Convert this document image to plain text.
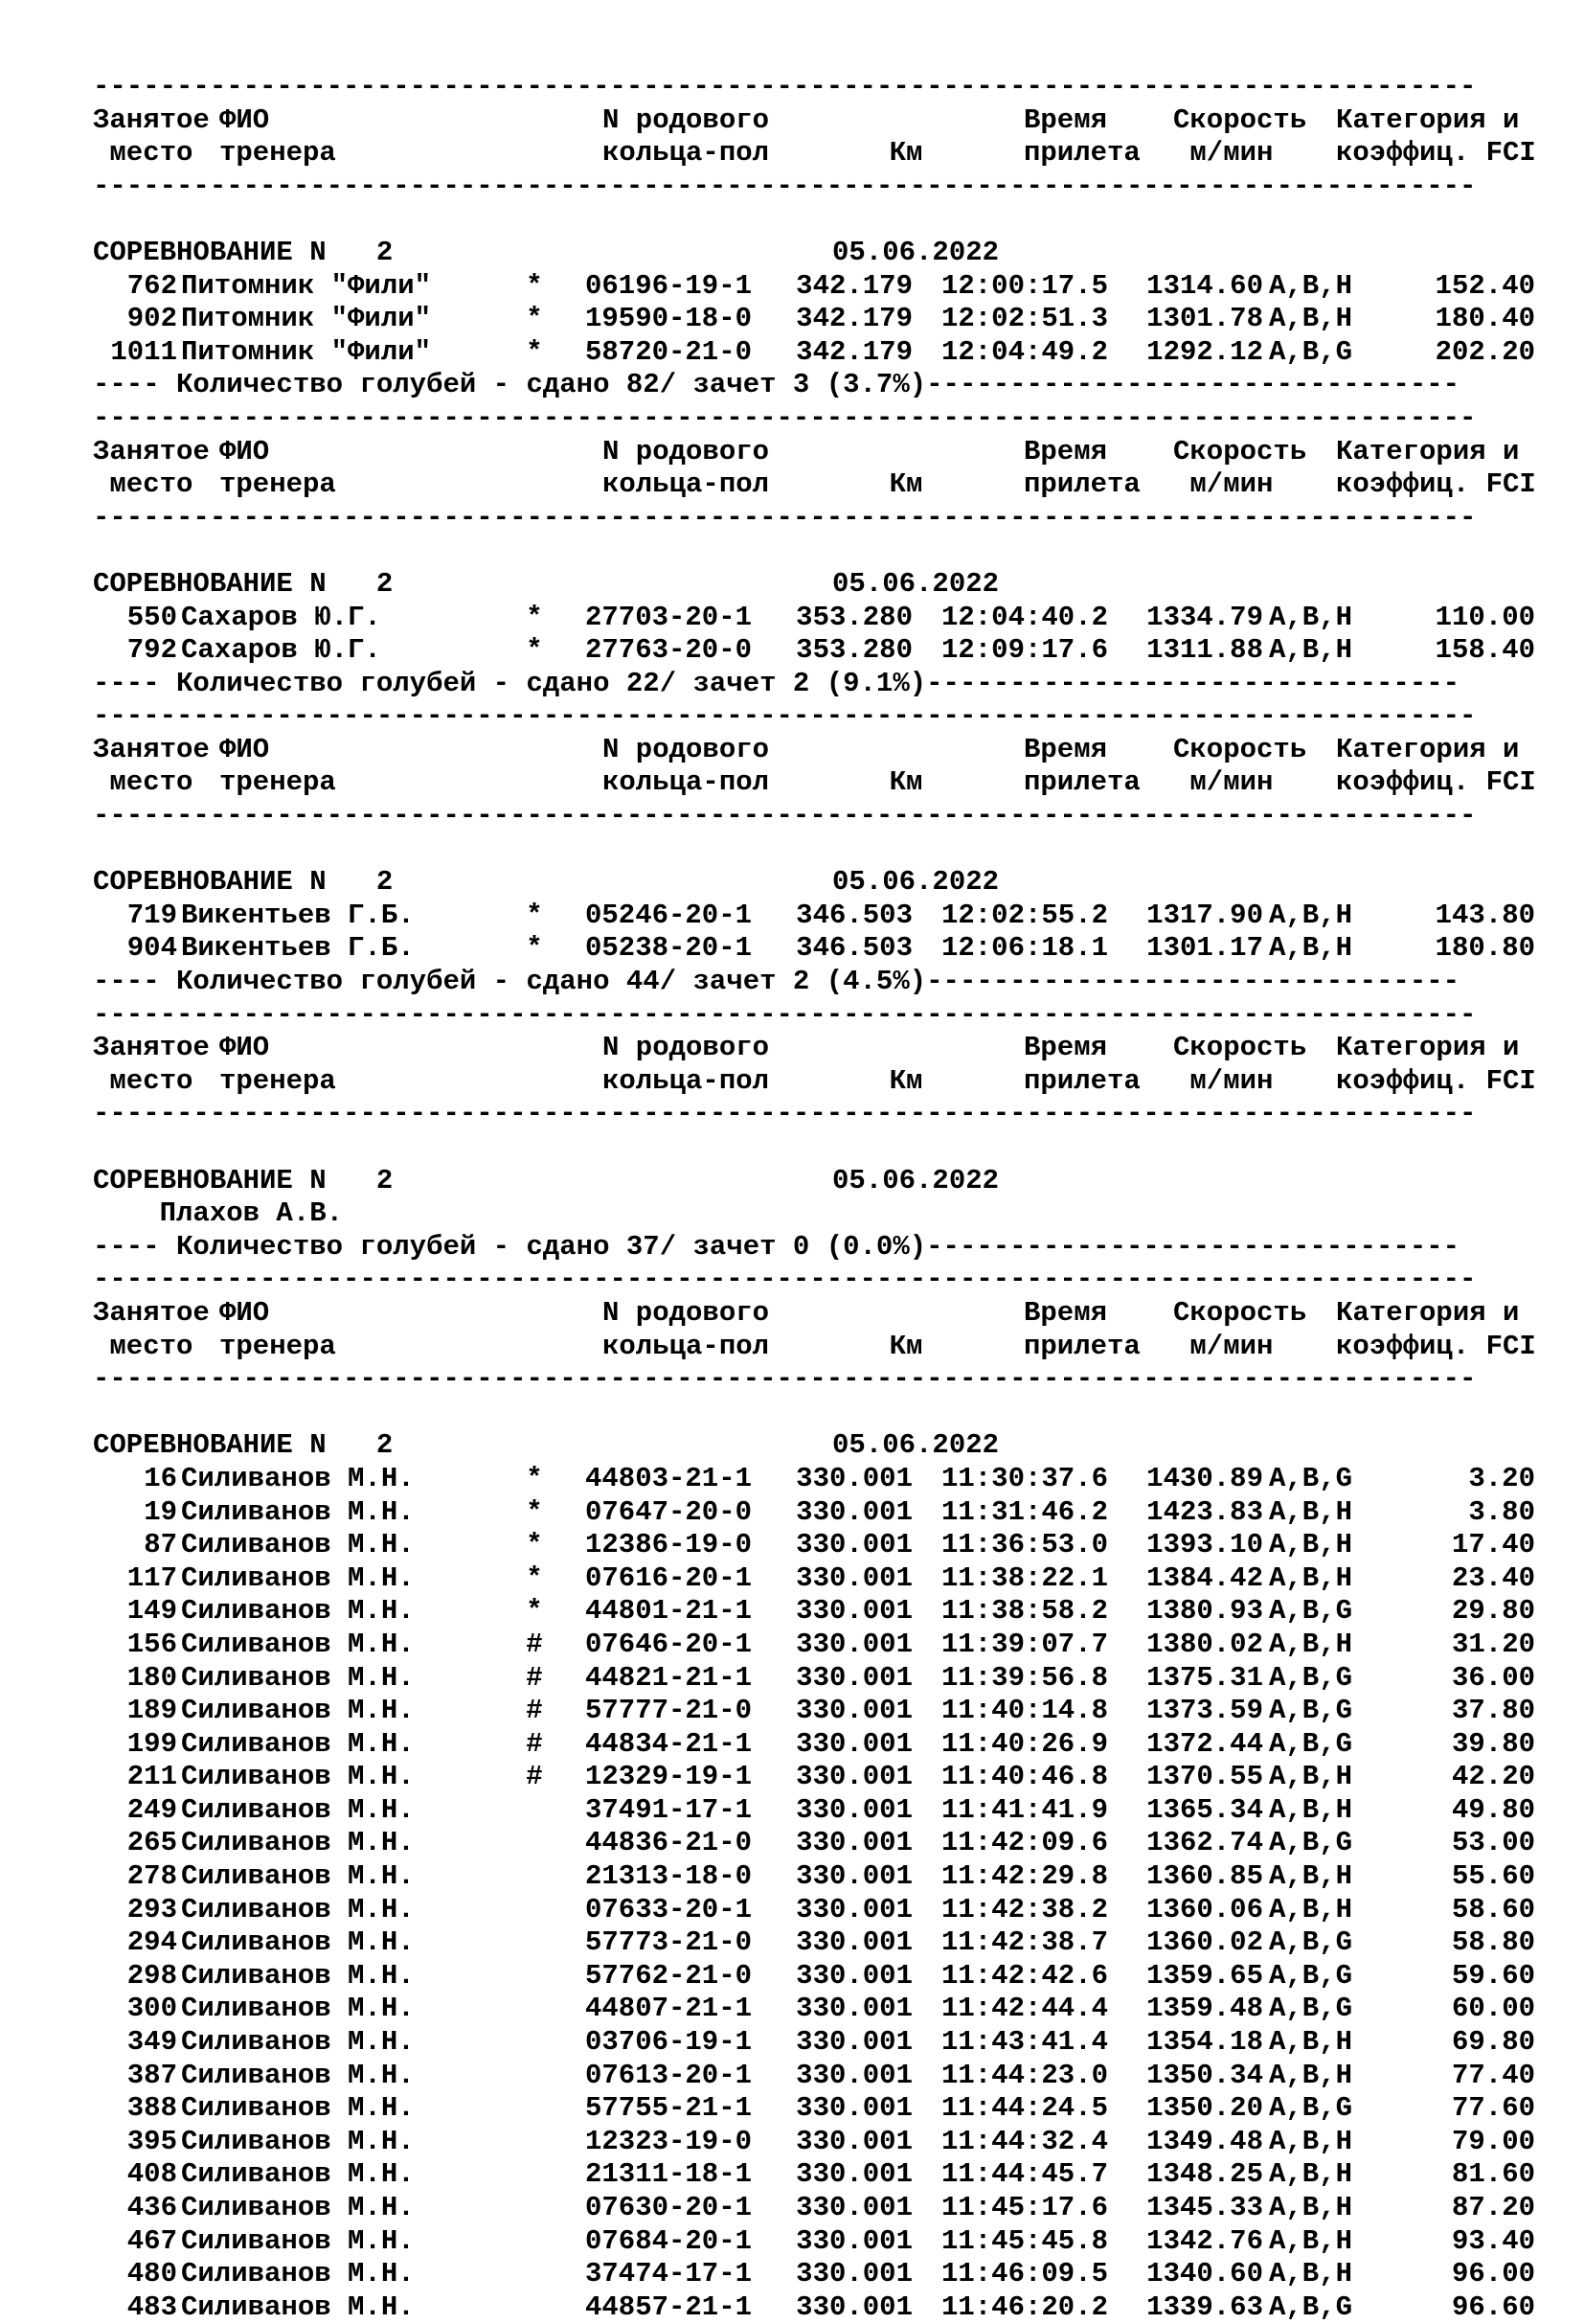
-----------------------------------------------------------------------------------
Занятое ФИО	N родового	Время Скорость Категория и
место тренера	кольца-пол    Км	прилета м/мин коэффиц. FCI
-----------------------------------------------------------------------------------
СОРЕВНОВАНИЕ N   2	05.06.2022
762 Питомник "Фили"	* 06196-19-1 342.179 12:00:17.5 1314.60 A,B,H	152.40
902 Питомник "Фили"	* 19590-18-0 342.179 12:02:51.3 1301.78 A,B,H	180.40
1011 Питомник "Фили"	* 58720-21-0 342.179 12:04:49.2 1292.12 A,B,G	202.20
---- Количество голубей - сдано 82/ зачет 3 (3.7%)--------------------------------
-----------------------------------------------------------------------------------
Занятое ФИО	N родового	Время Скорость Категория и
место тренера	кольца-пол    Км	прилета м/мин коэффиц. FCI
-----------------------------------------------------------------------------------
СОРЕВНОВАНИЕ N   2	05.06.2022
550 Сахаров Ю.Г.	* 27703-20-1 353.280 12:04:40.2 1334.79 A,B,H	110.00
792 Сахаров Ю.Г.	* 27763-20-0 353.280 12:09:17.6 1311.88 A,B,H	158.40
---- Количество голубей - сдано 22/ зачет 2 (9.1%)--------------------------------
-----------------------------------------------------------------------------------
Занятое ФИО	N родового	Время Скорость Категория и
место тренера	кольца-пол    Км	прилета м/мин коэффиц. FCI
-----------------------------------------------------------------------------------
СОРЕВНОВАНИЕ N   2	05.06.2022
719 Викентьев Г.Б.	* 05246-20-1 346.503 12:02:55.2 1317.90 A,B,H	143.80
904 Викентьев Г.Б.	* 05238-20-1 346.503 12:06:18.1 1301.17 A,B,H	180.80
---- Количество голубей - сдано 44/ зачет 2 (4.5%)--------------------------------
-----------------------------------------------------------------------------------
Занятое ФИО	N родового	Время Скорость Категория и
место тренера	кольца-пол    Км	прилета м/мин коэффиц. FCI
-----------------------------------------------------------------------------------
СОРЕВНОВАНИЕ N   2	05.06.2022
Плахов А.В.
---- Количество голубей - сдано 37/ зачет 0 (0.0%)--------------------------------
-----------------------------------------------------------------------------------
Занятое ФИО	N родового	Время Скорость Категория и
место тренера	кольца-пол    Км	прилета м/мин коэффиц. FCI
-----------------------------------------------------------------------------------
СОРЕВНОВАНИЕ N   2	05.06.2022
16 Силиванов М.Н.	* 44803-21-1 330.001 11:30:37.6 1430.89 A,B,G	3.20
19 Силиванов М.Н.	* 07647-20-0 330.001 11:31:46.2 1423.83 A,B,H	3.80
87 Силиванов М.Н.	* 12386-19-0 330.001 11:36:53.0 1393.10 A,B,H	17.40
117 Силиванов М.Н.	* 07616-20-1 330.001 11:38:22.1 1384.42 A,B,H	23.40
149 Силиванов М.Н.	* 44801-21-1 330.001 11:38:58.2 1380.93 A,B,G	29.80
156 Силиванов М.Н.	# 07646-20-1 330.001 11:39:07.7 1380.02 A,B,H	31.20
180 Силиванов М.Н.	# 44821-21-1 330.001 11:39:56.8 1375.31 A,B,G	36.00
189 Силиванов М.Н.	# 57777-21-0 330.001 11:40:14.8 1373.59 A,B,G	37.80
199 Силиванов М.Н.	# 44834-21-1 330.001 11:40:26.9 1372.44 A,B,G	39.80
211 Силиванов М.Н.	# 12329-19-1 330.001 11:40:46.8 1370.55 A,B,H	42.20
249 Силиванов М.Н.	37491-17-1 330.001 11:41:41.9 1365.34 A,B,H	49.80
265 Силиванов М.Н.	44836-21-0 330.001 11:42:09.6 1362.74 A,B,G	53.00
278 Силиванов М.Н.	21313-18-0 330.001 11:42:29.8 1360.85 A,B,H	55.60
293 Силиванов М.Н.	07633-20-1 330.001 11:42:38.2 1360.06 A,B,H	58.60
294 Силиванов М.Н.	57773-21-0 330.001 11:42:38.7 1360.02 A,B,G	58.80
298 Силиванов М.Н.	57762-21-0 330.001 11:42:42.6 1359.65 A,B,G	59.60
300 Силиванов М.Н.	44807-21-1 330.001 11:42:44.4 1359.48 A,B,G	60.00
349 Силиванов М.Н.	03706-19-1 330.001 11:43:41.4 1354.18 A,B,H	69.80
387 Силиванов М.Н.	07613-20-1 330.001 11:44:23.0 1350.34 A,B,H	77.40
388 Силиванов М.Н.	57755-21-1 330.001 11:44:24.5 1350.20 A,B,G	77.60
395 Силиванов М.Н.	12323-19-0 330.001 11:44:32.4 1349.48 A,B,H	79.00
408 Силиванов М.Н.	21311-18-1 330.001 11:44:45.7 1348.25 A,B,H	81.60
436 Силиванов М.Н.	07630-20-1 330.001 11:45:17.6 1345.33 A,B,H	87.20
467 Силиванов М.Н.	07684-20-1 330.001 11:45:45.8 1342.76 A,B,H	93.40
480 Силиванов М.Н.	37474-17-1 330.001 11:46:09.5 1340.60 A,B,H	96.00
483 Силиванов М.Н.	44857-21-1 330.001 11:46:20.2 1339.63 A,B,G	96.60
